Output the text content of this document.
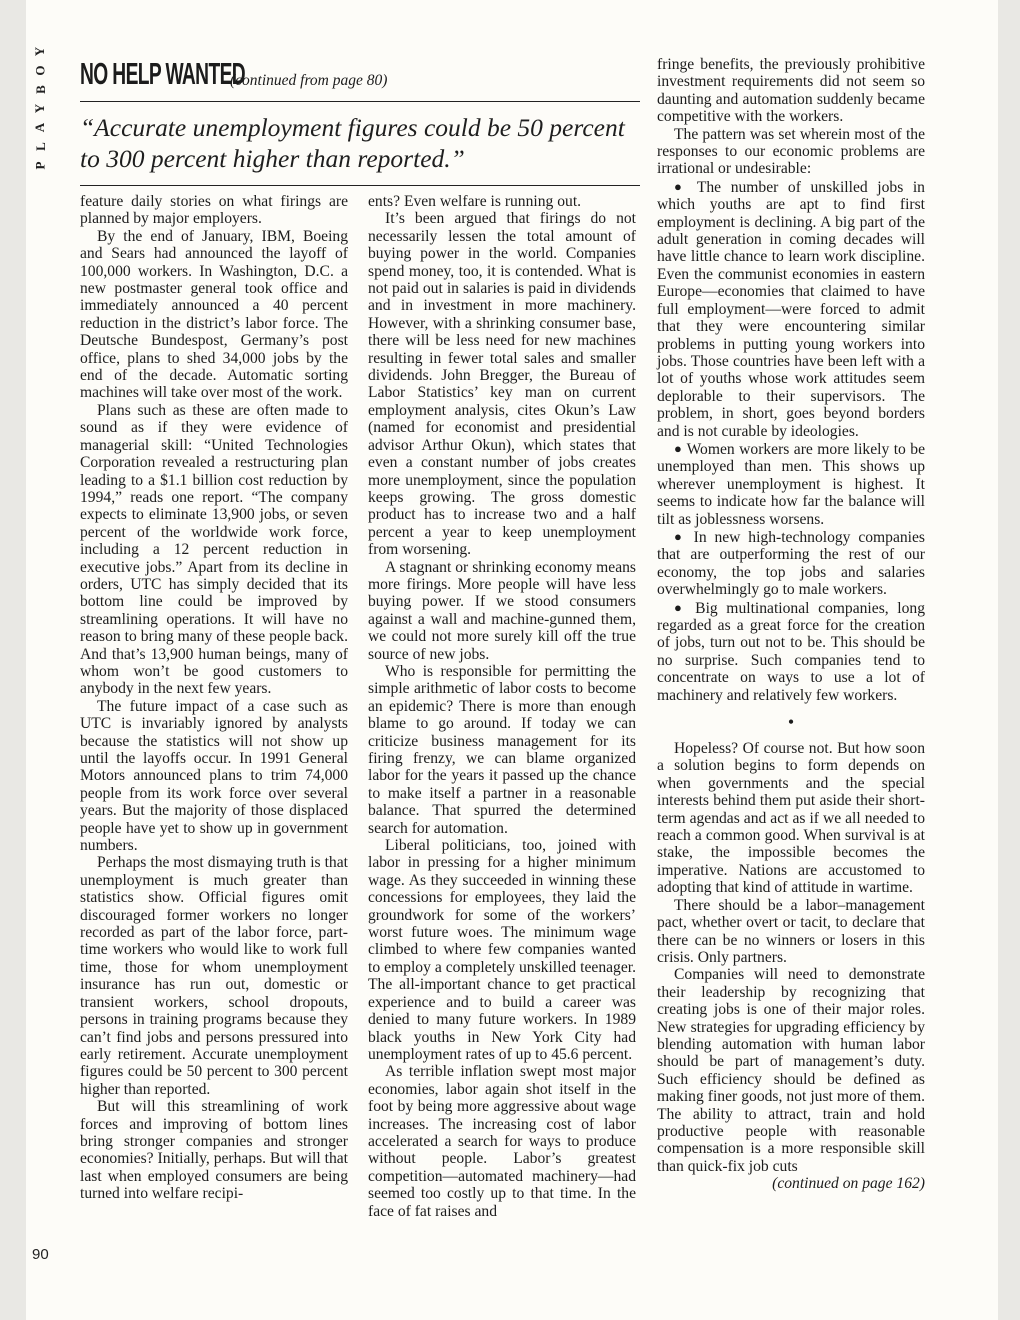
Y
O
B
Y
A
L
P
90
NO HELP WANTED
(continued from page 80)

“Accurate unemployment figures could be 50 percent to 300 percent higher than reported.”

feature daily stories on what firings are planned by major employers.

By the end of January, IBM, Boeing and Sears had announced the layoff of 100,000 workers. In Washington, D.C. a new postmaster general took office and immediately announced a 40 percent reduction in the district’s labor force. The Deutsche Bundespost, Germany’s post office, plans to shed 34,000 jobs by the end of the decade. Automatic sorting machines will take over most of the work.

Plans such as these are often made to sound as if they were evidence of managerial skill: “United Technologies Corporation revealed a restructuring plan leading to a $1.1 billion cost reduction by 1994,” reads one report. “The company expects to eliminate 13,900 jobs, or seven percent of the worldwide work force, including a 12 percent reduction in executive jobs.” Apart from its decline in orders, UTC has simply decided that its bottom line could be improved by streamlining operations. It will have no reason to bring many of these people back. And that’s 13,900 human beings, many of whom won’t be good customers to anybody in the next few years.

The future impact of a case such as UTC is invariably ignored by analysts because the statistics will not show up until the layoffs occur. In 1991 General Motors announced plans to trim 74,000 people from its work force over several years. But the majority of those displaced people have yet to show up in government numbers.

Perhaps the most dismaying truth is that unemployment is much greater than statistics show. Official figures omit discouraged former workers no longer recorded as part of the labor force, part-time workers who would like to work full time, those for whom unemployment insurance has run out, domestic or transient workers, school dropouts, persons in training programs because they can’t find jobs and persons pressured into early retirement. Accurate unemployment figures could be 50 percent to 300 percent higher than reported.

But will this streamlining of work forces and improving of bottom lines bring stronger companies and stronger economies? Initially, perhaps. But will that last when employed consumers are being turned into welfare recipi-

ents? Even welfare is running out.

It’s been argued that firings do not necessarily lessen the total amount of buying power in the world. Companies spend money, too, it is contended. What is not paid out in salaries is paid in dividends and in investment in more machinery. However, with a shrinking consumer base, there will be less need for new machines resulting in fewer total sales and smaller dividends. John Bregger, the Bureau of Labor Statistics’ key man on current employment analysis, cites Okun’s Law (named for economist and presidential advisor Arthur Okun), which states that even a constant number of jobs creates more unemployment, since the population keeps growing. The gross domestic product has to increase two and a half percent a year to keep unemployment from worsening.

A stagnant or shrinking economy means more firings. More people will have less buying power. If we stood consumers against a wall and machine-gunned them, we could not more surely kill off the true source of new jobs.

Who is responsible for permitting the simple arithmetic of labor costs to become an epidemic? There is more than enough blame to go around. If today we can criticize business management for its firing frenzy, we can blame organized labor for the years it passed up the chance to make itself a partner in a reasonable balance. That spurred the determined search for automation.

Liberal politicians, too, joined with labor in pressing for a higher minimum wage. As they succeeded in winning these concessions for employees, they laid the groundwork for some of the workers’ worst future woes. The minimum wage climbed to where few companies wanted to employ a completely unskilled teenager. The all-important chance to get practical experience and to build a career was denied to many future workers. In 1989 black youths in New York City had unemployment rates of up to 45.6 percent.

As terrible inflation swept most major economies, labor again shot itself in the foot by being more aggressive about wage increases. The increasing cost of labor accelerated a search for ways to produce without people. Labor’s greatest competition—automated machinery—had seemed too costly up to that time. In the face of fat raises and

fringe benefits, the previously prohibitive investment requirements did not seem so daunting and automation suddenly became competitive with the workers.

The pattern was set wherein most of the responses to our economic problems are irrational or undesirable:

● The number of unskilled jobs in which youths are apt to find first employment is declining. A big part of the adult generation in coming decades will have little chance to learn work discipline. Even the communist economies in eastern Europe—economies that claimed to have full employment—were forced to admit that they were encountering similar problems in putting young workers into jobs. Those countries have been left with a lot of youths whose work attitudes seem deplorable to their supervisors. The problem, in short, goes beyond borders and is not curable by ideologies.

● Women workers are more likely to be unemployed than men. This shows up wherever unemployment is highest. It seems to indicate how far the balance will tilt as joblessness worsens.

● In new high-technology companies that are outperforming the rest of our economy, the top jobs and salaries overwhelmingly go to male workers.

● Big multinational companies, long regarded as a great force for the creation of jobs, turn out not to be. This should be no surprise. Such companies tend to concentrate on ways to use a lot of machinery and relatively few workers.

•

Hopeless? Of course not. But how soon a solution begins to form depends on when governments and the special interests behind them put aside their short-term agendas and act as if we all needed to reach a common good. When survival is at stake, the impossible becomes the imperative. Nations are accustomed to adopting that kind of attitude in wartime.

There should be a labor–management pact, whether overt or tacit, to declare that there can be no winners or losers in this crisis. Only partners.

Companies will need to demonstrate their leadership by recognizing that creating jobs is one of their major roles. New strategies for upgrading efficiency by blending automation with human labor should be part of management’s duty. Such efficiency should be defined as making finer goods, not just more of them. The ability to attract, train and hold productive people with reasonable compensation is a more responsible skill than quick-fix job cuts

(continued on page 162)
